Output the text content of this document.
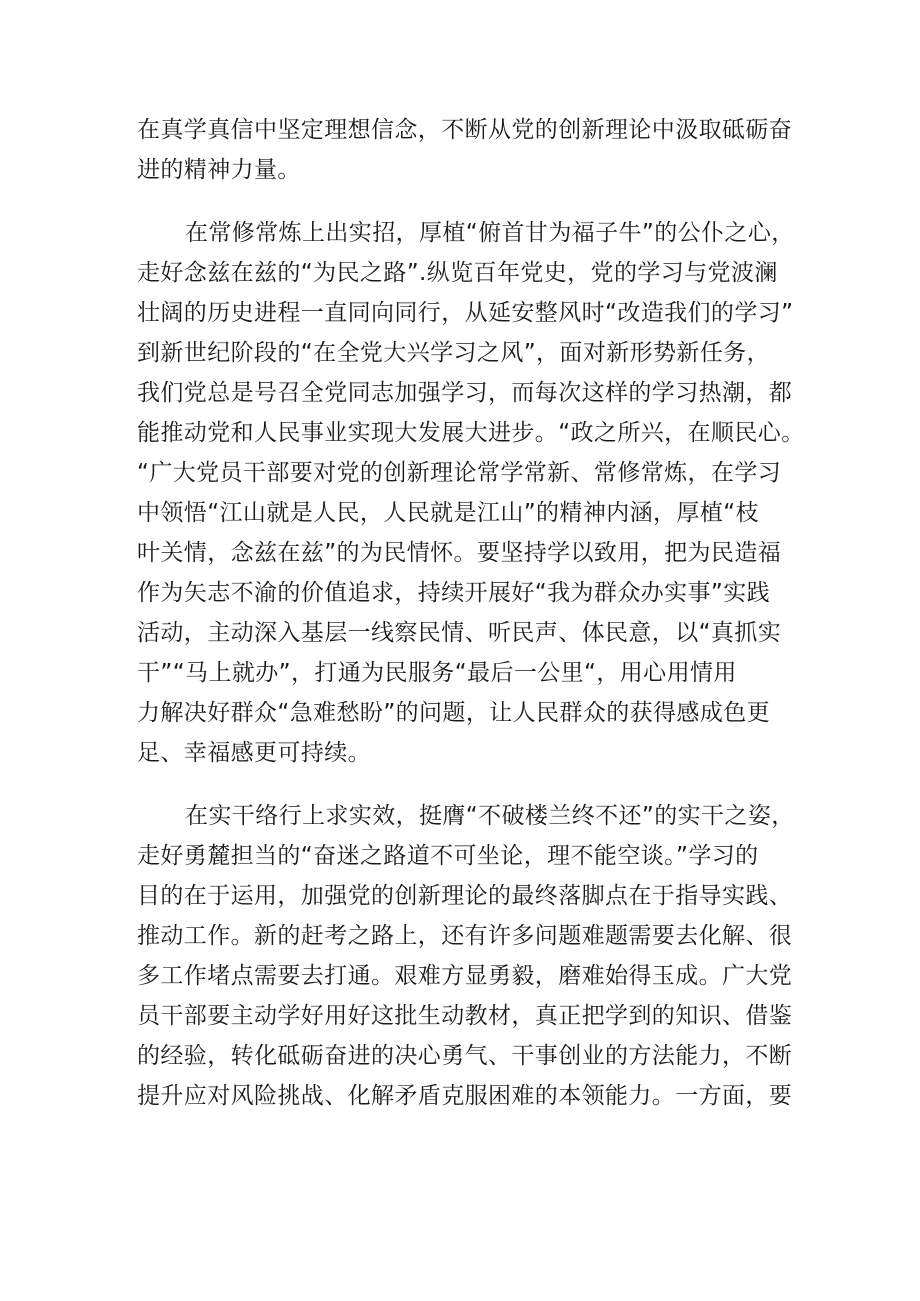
在真学真信中坚定理想信念，不断从党的创新理论中汲取砥砺奋
进的精神力量。
在常修常炼上出实招，厚植“俯首甘为福子牛”的公仆之心，
走好念兹在兹的“为民之路”.纵览百年党史，党的学习与党波澜
壮阔的历史进程一直同向同行，从延安整风时“改造我们的学习”
到新世纪阶段的“在全党大兴学习之风”，面对新形势新任务，
我们党总是号召全党同志加强学习，而每次这样的学习热潮，都
能推动党和人民事业实现大发展大进步。“政之所兴，在顺民心。
“广大党员干部要对党的创新理论常学常新、常修常炼，在学习
中领悟“江山就是人民，人民就是江山”的精神内涵，厚植“枝
叶关情，念兹在兹”的为民情怀。要坚持学以致用，把为民造福
作为矢志不渝的价值追求，持续开展好“我为群众办实事”实践
活动，主动深入基层一线察民情、听民声、体民意，以“真抓实
干”“马上就办”，打通为民服务“最后一公里“，用心用情用
力解决好群众“急难愁盼”的问题，让人民群众的获得感成色更
足、幸福感更可持续。
在实干络行上求实效，挺膺“不破楼兰终不还”的实干之姿，
走好勇麓担当的“奋迷之路道不可坐论，理不能空谈。”学习的
目的在于运用，加强党的创新理论的最终落脚点在于指导实践、
推动工作。新的赶考之路上，还有许多问题难题需要去化解、很
多工作堵点需要去打通。艰难方显勇毅，磨难始得玉成。广大党
员干部要主动学好用好这批生动教材，真正把学到的知识、借鉴
的经验，转化砥砺奋进的决心勇气、干事创业的方法能力，不断
提升应对风险挑战、化解矛盾克服困难的本领能力。一方面，要
